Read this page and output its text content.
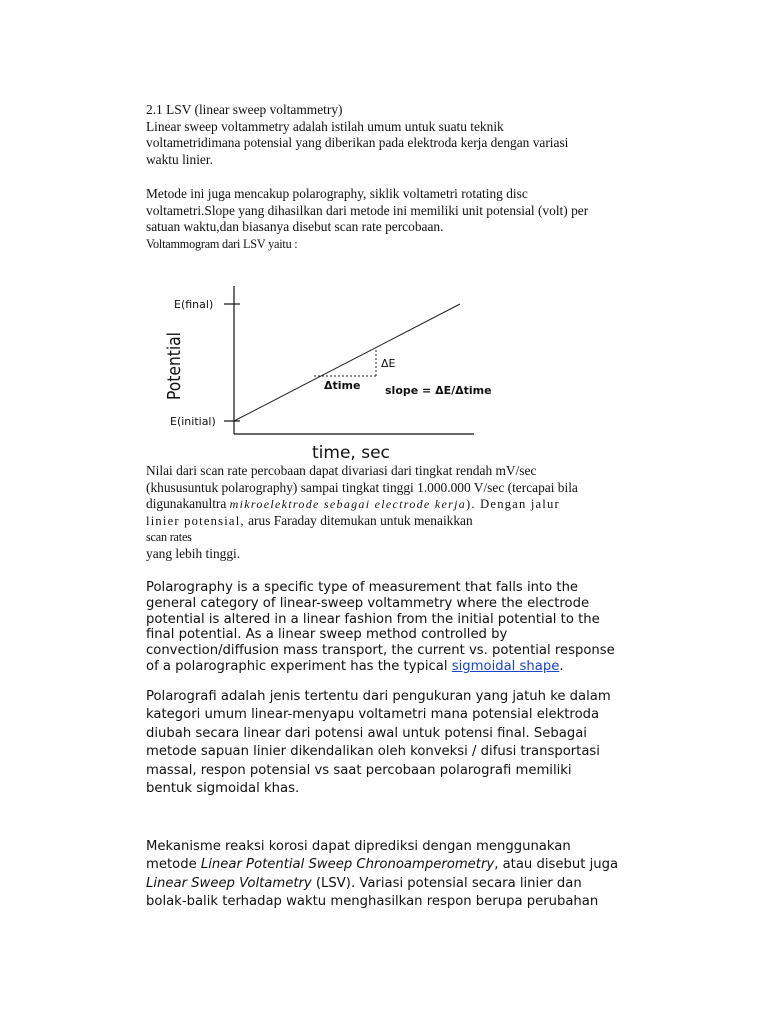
2.1 LSV (linear sweep voltammetry)
Linear sweep voltammetry adalah istilah umum untuk suatu teknik
voltametridimana potensial yang diberikan pada elektroda kerja dengan variasi
waktu linier.
Metode ini juga mencakup polarography, siklik voltametri rotating disc
voltametri.Slope yang dihasilkan dari metode ini memiliki unit potensial (volt) per
satuan waktu,dan biasanya disebut scan rate percobaan.
Voltammogram dari LSV yaitu :
E(final)
E(initial)
Potential
time, sec
ΔE
Δtime slope = ΔE/Δtime
Nilai dari scan rate percobaan dapat divariasi dari tingkat rendah mV/sec
(khususuntuk polarography) sampai tingkat tinggi 1.000.000 V/sec (tercapai bila
digunakanultra mikroelektrode sebagai electrode kerja). Dengan jalur
linier potensial, arus Faraday ditemukan untuk menaikkan
scan rates
yang lebih tinggi.
Polarography is a specific type of measurement that falls into the
general category of linear-sweep voltammetry where the electrode
potential is altered in a linear fashion from the initial potential to the
final potential. As a linear sweep method controlled by
convection/diffusion mass transport, the current vs. potential response
of a polarographic experiment has the typical sigmoidal shape.
Polarografi adalah jenis tertentu dari pengukuran yang jatuh ke dalam
kategori umum linear-menyapu voltametri mana potensial elektroda
diubah secara linear dari potensi awal untuk potensi final. Sebagai
metode sapuan linier dikendalikan oleh konveksi / difusi transportasi
massal, respon potensial vs saat percobaan polarografi memiliki
bentuk sigmoidal khas.
Mekanisme reaksi korosi dapat diprediksi dengan menggunakan
metode Linear Potential Sweep Chronoamperometry, atau disebut juga
Linear Sweep Voltametry (LSV). Variasi potensial secara linier dan
bolak-balik terhadap waktu menghasilkan respon berupa perubahan
